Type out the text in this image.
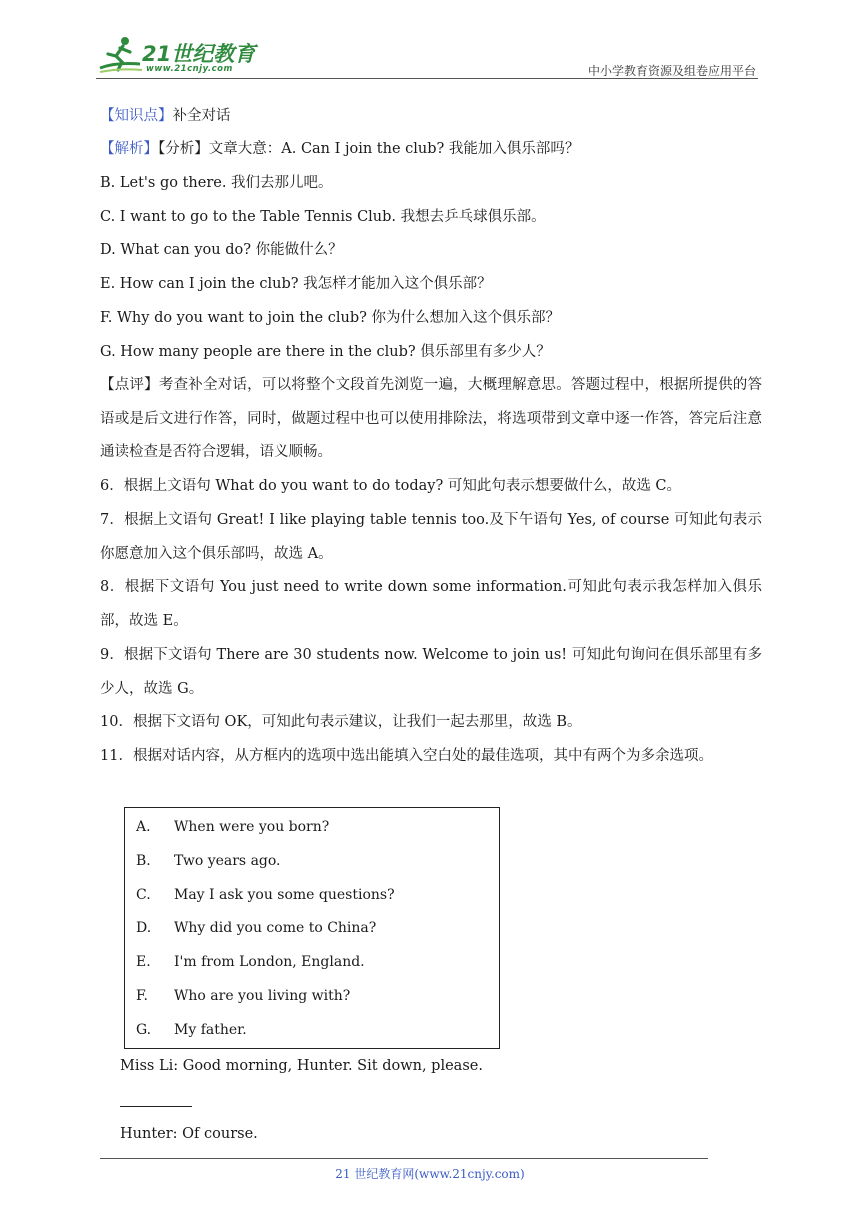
21世纪教育
www.21cnjy.com	中小学教育资源及组卷应用平台
【知识点】补全对话
【解析】【分析】文章大意：A. Can I join the club? 我能加入俱乐部吗？
B. Let's go there. 我们去那儿吧。
C. I want to go to the Table Tennis Club. 我想去乒乓球俱乐部。
D. What can you do? 你能做什么？
E. How can I join the club? 我怎样才能加入这个俱乐部？
F. Why do you want to join the club? 你为什么想加入这个俱乐部？
G. How many people are there in the club? 俱乐部里有多少人？
【点评】考查补全对话，可以将整个文段首先浏览一遍，大概理解意思。答题过程中，根据所提供的答语或是后文进行作答，同时，做题过程中也可以使用排除法，将选项带到文章中逐一作答，答完后注意通读检查是否符合逻辑，语义顺畅。
6．根据上文语句 What do you want to do today? 可知此句表示想要做什么，故选 C。
7．根据上文语句 Great! I like playing table tennis too.及下午语句 Yes, of course 可知此句表示你愿意加入这个俱乐部吗，故选 A。
8．根据下文语句 You just need to write down some information.可知此句表示我怎样加入俱乐部，故选 E。
9．根据下文语句 There are 30 students now. Welcome to join us! 可知此句询问在俱乐部里有多少人，故选 G。
10．根据下文语句 OK，可知此句表示建议，让我们一起去那里，故选 B。
11．根据对话内容，从方框内的选项中选出能填入空白处的最佳选项，其中有两个为多余选项。
A. When were you born?
B. Two years ago.
C. May I ask you some questions?
D. Why did you come to China?
E. I'm from London, England.
F. Who are you living with?
G. My father.
Miss Li: Good morning, Hunter. Sit down, please.
Hunter: Of course.
21 世纪教育网(www.21cnjy.com)
